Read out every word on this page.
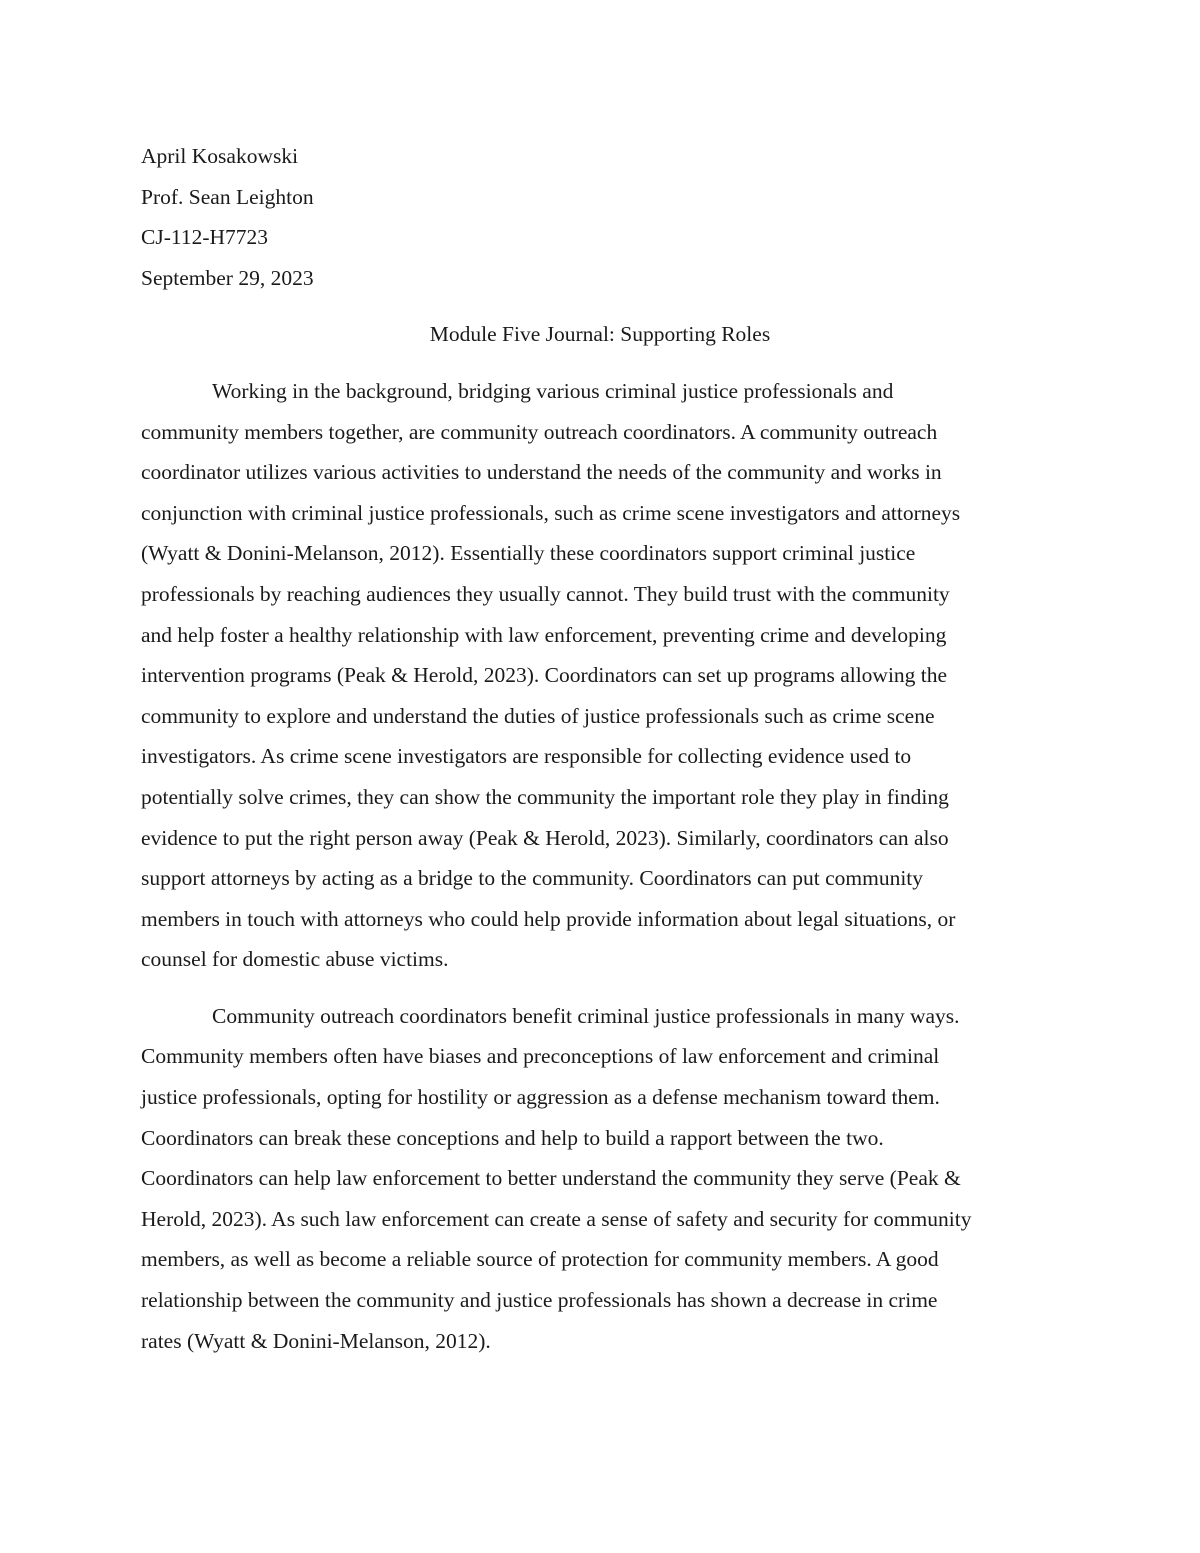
April Kosakowski

Prof. Sean Leighton

CJ-112-H7723

September 29, 2023

Module Five Journal: Supporting Roles

Working in the background, bridging various criminal justice professionals and
community members together, are community outreach coordinators. A community outreach
coordinator utilizes various activities to understand the needs of the community and works in
conjunction with criminal justice professionals, such as crime scene investigators and attorneys
(Wyatt & Donini-Melanson, 2012). Essentially these coordinators support criminal justice
professionals by reaching audiences they usually cannot. They build trust with the community
and help foster a healthy relationship with law enforcement, preventing crime and developing
intervention programs (Peak & Herold, 2023). Coordinators can set up programs allowing the
community to explore and understand the duties of justice professionals such as crime scene
investigators. As crime scene investigators are responsible for collecting evidence used to
potentially solve crimes, they can show the community the important role they play in finding
evidence to put the right person away (Peak & Herold, 2023). Similarly, coordinators can also
support attorneys by acting as a bridge to the community. Coordinators can put community
members in touch with attorneys who could help provide information about legal situations, or
counsel for domestic abuse victims.

Community outreach coordinators benefit criminal justice professionals in many ways.
Community members often have biases and preconceptions of law enforcement and criminal
justice professionals, opting for hostility or aggression as a defense mechanism toward them.
Coordinators can break these conceptions and help to build a rapport between the two.
Coordinators can help law enforcement to better understand the community they serve (Peak &
Herold, 2023). As such law enforcement can create a sense of safety and security for community
members, as well as become a reliable source of protection for community members. A good
relationship between the community and justice professionals has shown a decrease in crime
rates (Wyatt & Donini-Melanson, 2012).
